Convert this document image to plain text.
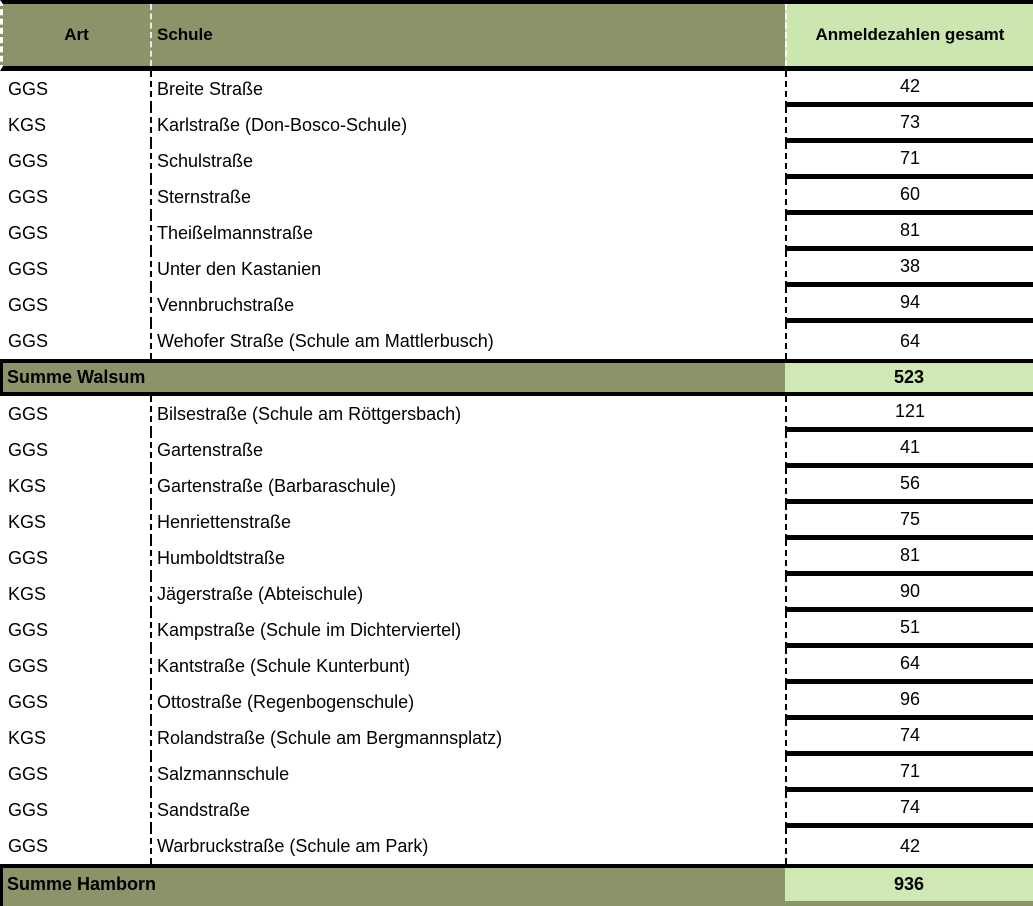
Art	Schule	Anmeldezahlen gesamt
GGS	Breite Straße	42
KGS	Karlstraße (Don-Bosco-Schule)	73
GGS	Schulstraße	71
GGS	Sternstraße	60
GGS	Theißelmannstraße	81
GGS	Unter den Kastanien	38
GGS	Vennbruchstraße	94
GGS	Wehofer Straße (Schule am Mattlerbusch)	64
Summe Walsum	523
GGS	Bilsestraße (Schule am Röttgersbach)	121
GGS	Gartenstraße	41
KGS	Gartenstraße (Barbaraschule)	56
KGS	Henriettenstraße	75
GGS	Humboldtstraße	81
KGS	Jägerstraße (Abteischule)	90
GGS	Kampstraße (Schule im Dichterviertel)	51
GGS	Kantstraße (Schule Kunterbunt)	64
GGS	Ottostraße (Regenbogenschule)	96
KGS	Rolandstraße (Schule am Bergmannsplatz)	74
GGS	Salzmannschule	71
GGS	Sandstraße	74
GGS	Warbruckstraße (Schule am Park)	42
Summe Hamborn	936
